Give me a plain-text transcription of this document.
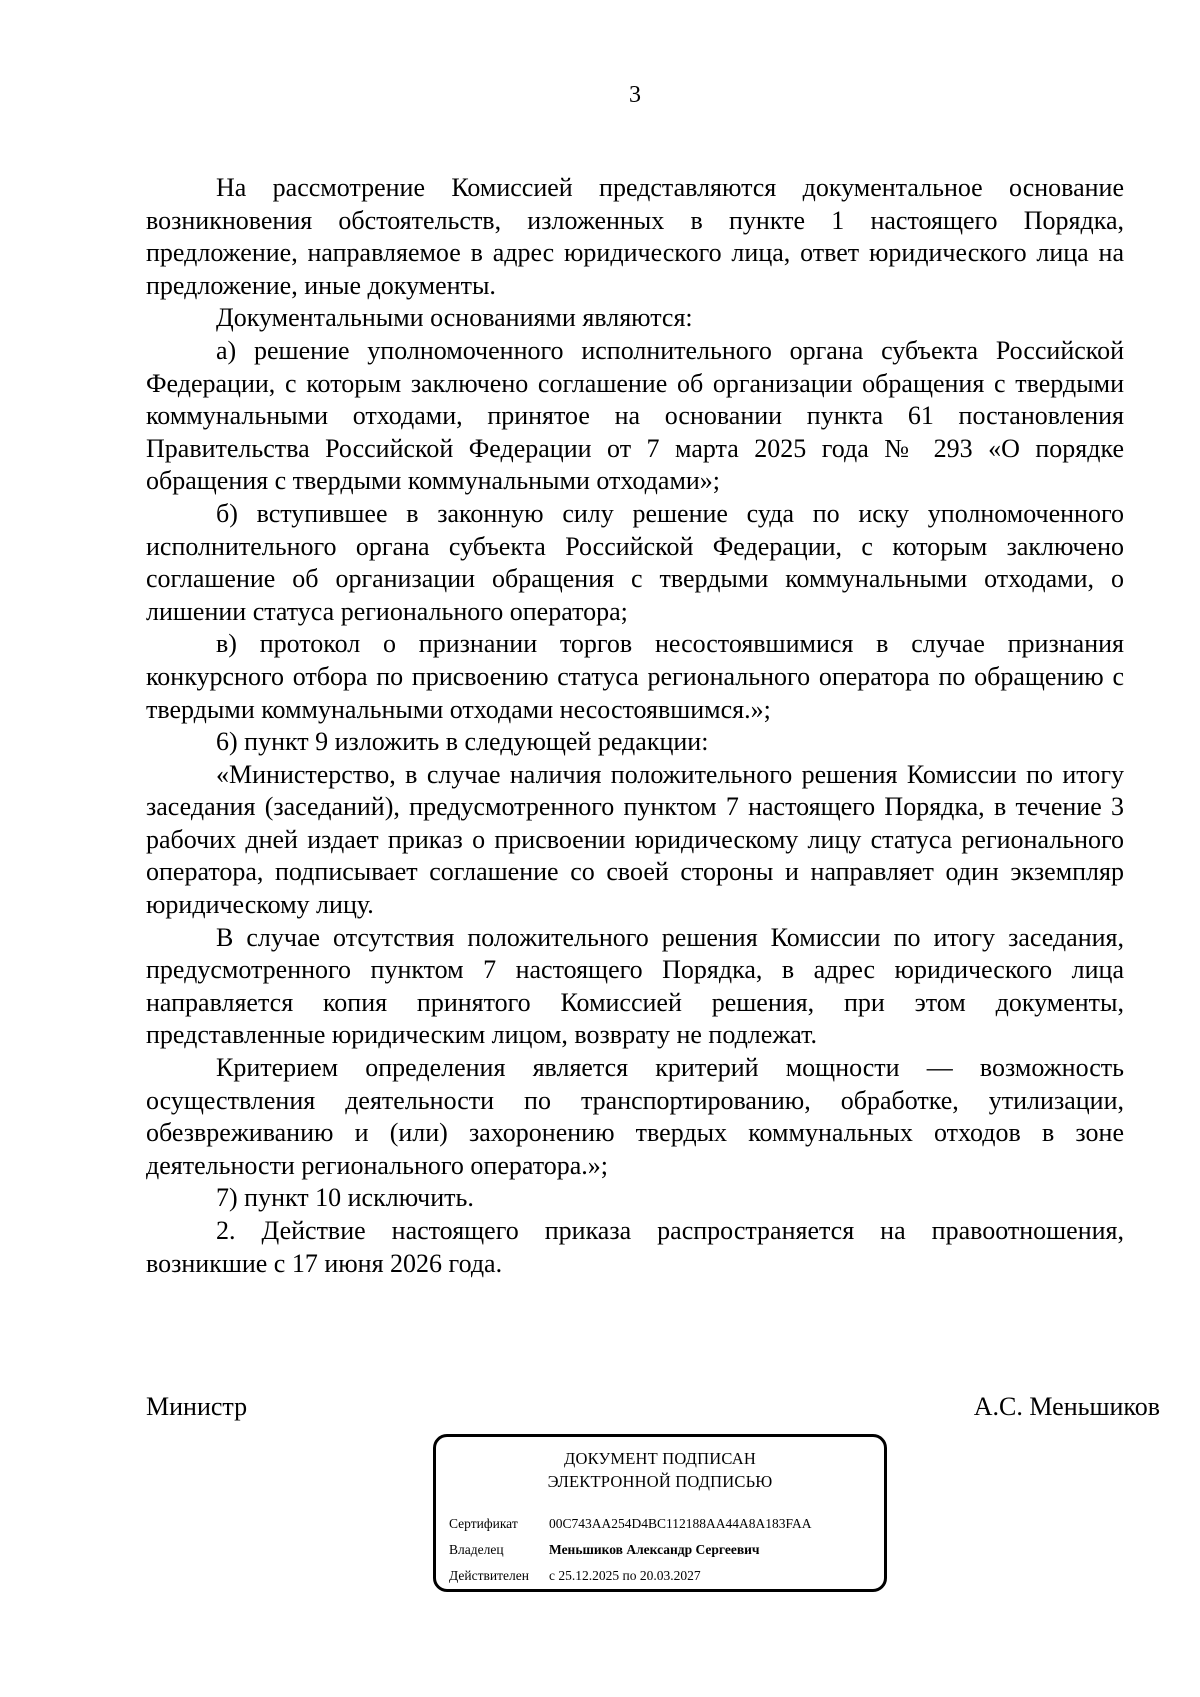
3

На рассмотрение Комиссией представляются документальное основание возникновения обстоятельств, изложенных в пункте 1 настоящего Порядка, предложение, направляемое в адрес юридического лица, ответ юридического лица на предложение, иные документы.

Документальными основаниями являются:

а) решение уполномоченного исполнительного органа субъекта Российской Федерации, с которым заключено соглашение об организации обращения с твердыми коммунальными отходами, принятое на основании пункта 61 постановления Правительства Российской Федерации от 7 марта 2025 года № 293 «О порядке обращения с твердыми коммунальными отходами»;

б) вступившее в законную силу решение суда по иску уполномоченного исполнительного органа субъекта Российской Федерации, с которым заключено соглашение об организации обращения с твердыми коммунальными отходами, о лишении статуса регионального оператора;

в) протокол о признании торгов несостоявшимися в случае признания конкурсного отбора по присвоению статуса регионального оператора по обращению с твердыми коммунальными отходами несостоявшимся.»;

6) пункт 9 изложить в следующей редакции:

«Министерство, в случае наличия положительного решения Комиссии по итогу заседания (заседаний), предусмотренного пунктом 7 настоящего Порядка, в течение 3 рабочих дней издает приказ о присвоении юридическому лицу статуса регионального оператора, подписывает соглашение со своей стороны и направляет один экземпляр юридическому лицу.

В случае отсутствия положительного решения Комиссии по итогу заседания, предусмотренного пунктом 7 настоящего Порядка, в адрес юридического лица направляется копия принятого Комиссией решения, при этом документы, представленные юридическим лицом, возврату не подлежат.

Критерием определения является критерий мощности — возможность осуществления деятельности по транспортированию, обработке, утилизации, обезвреживанию и (или) захоронению твердых коммунальных отходов в зоне деятельности регионального оператора.»;

7) пункт 10 исключить.

2. Действие настоящего приказа распространяется на правоотношения, возникшие с 17 июня 2026 года.

Министр	А.С. Меньшиков
ДОКУМЕНТ ПОДПИСАН
ЭЛЕКТРОННОЙ ПОДПИСЬЮ
Сертификат 00C743AA254D4BC112188AA44A8A183FAA
Владелец	Меньшиков Александр Сергеевич
Действителен с 25.12.2025 по 20.03.2027
